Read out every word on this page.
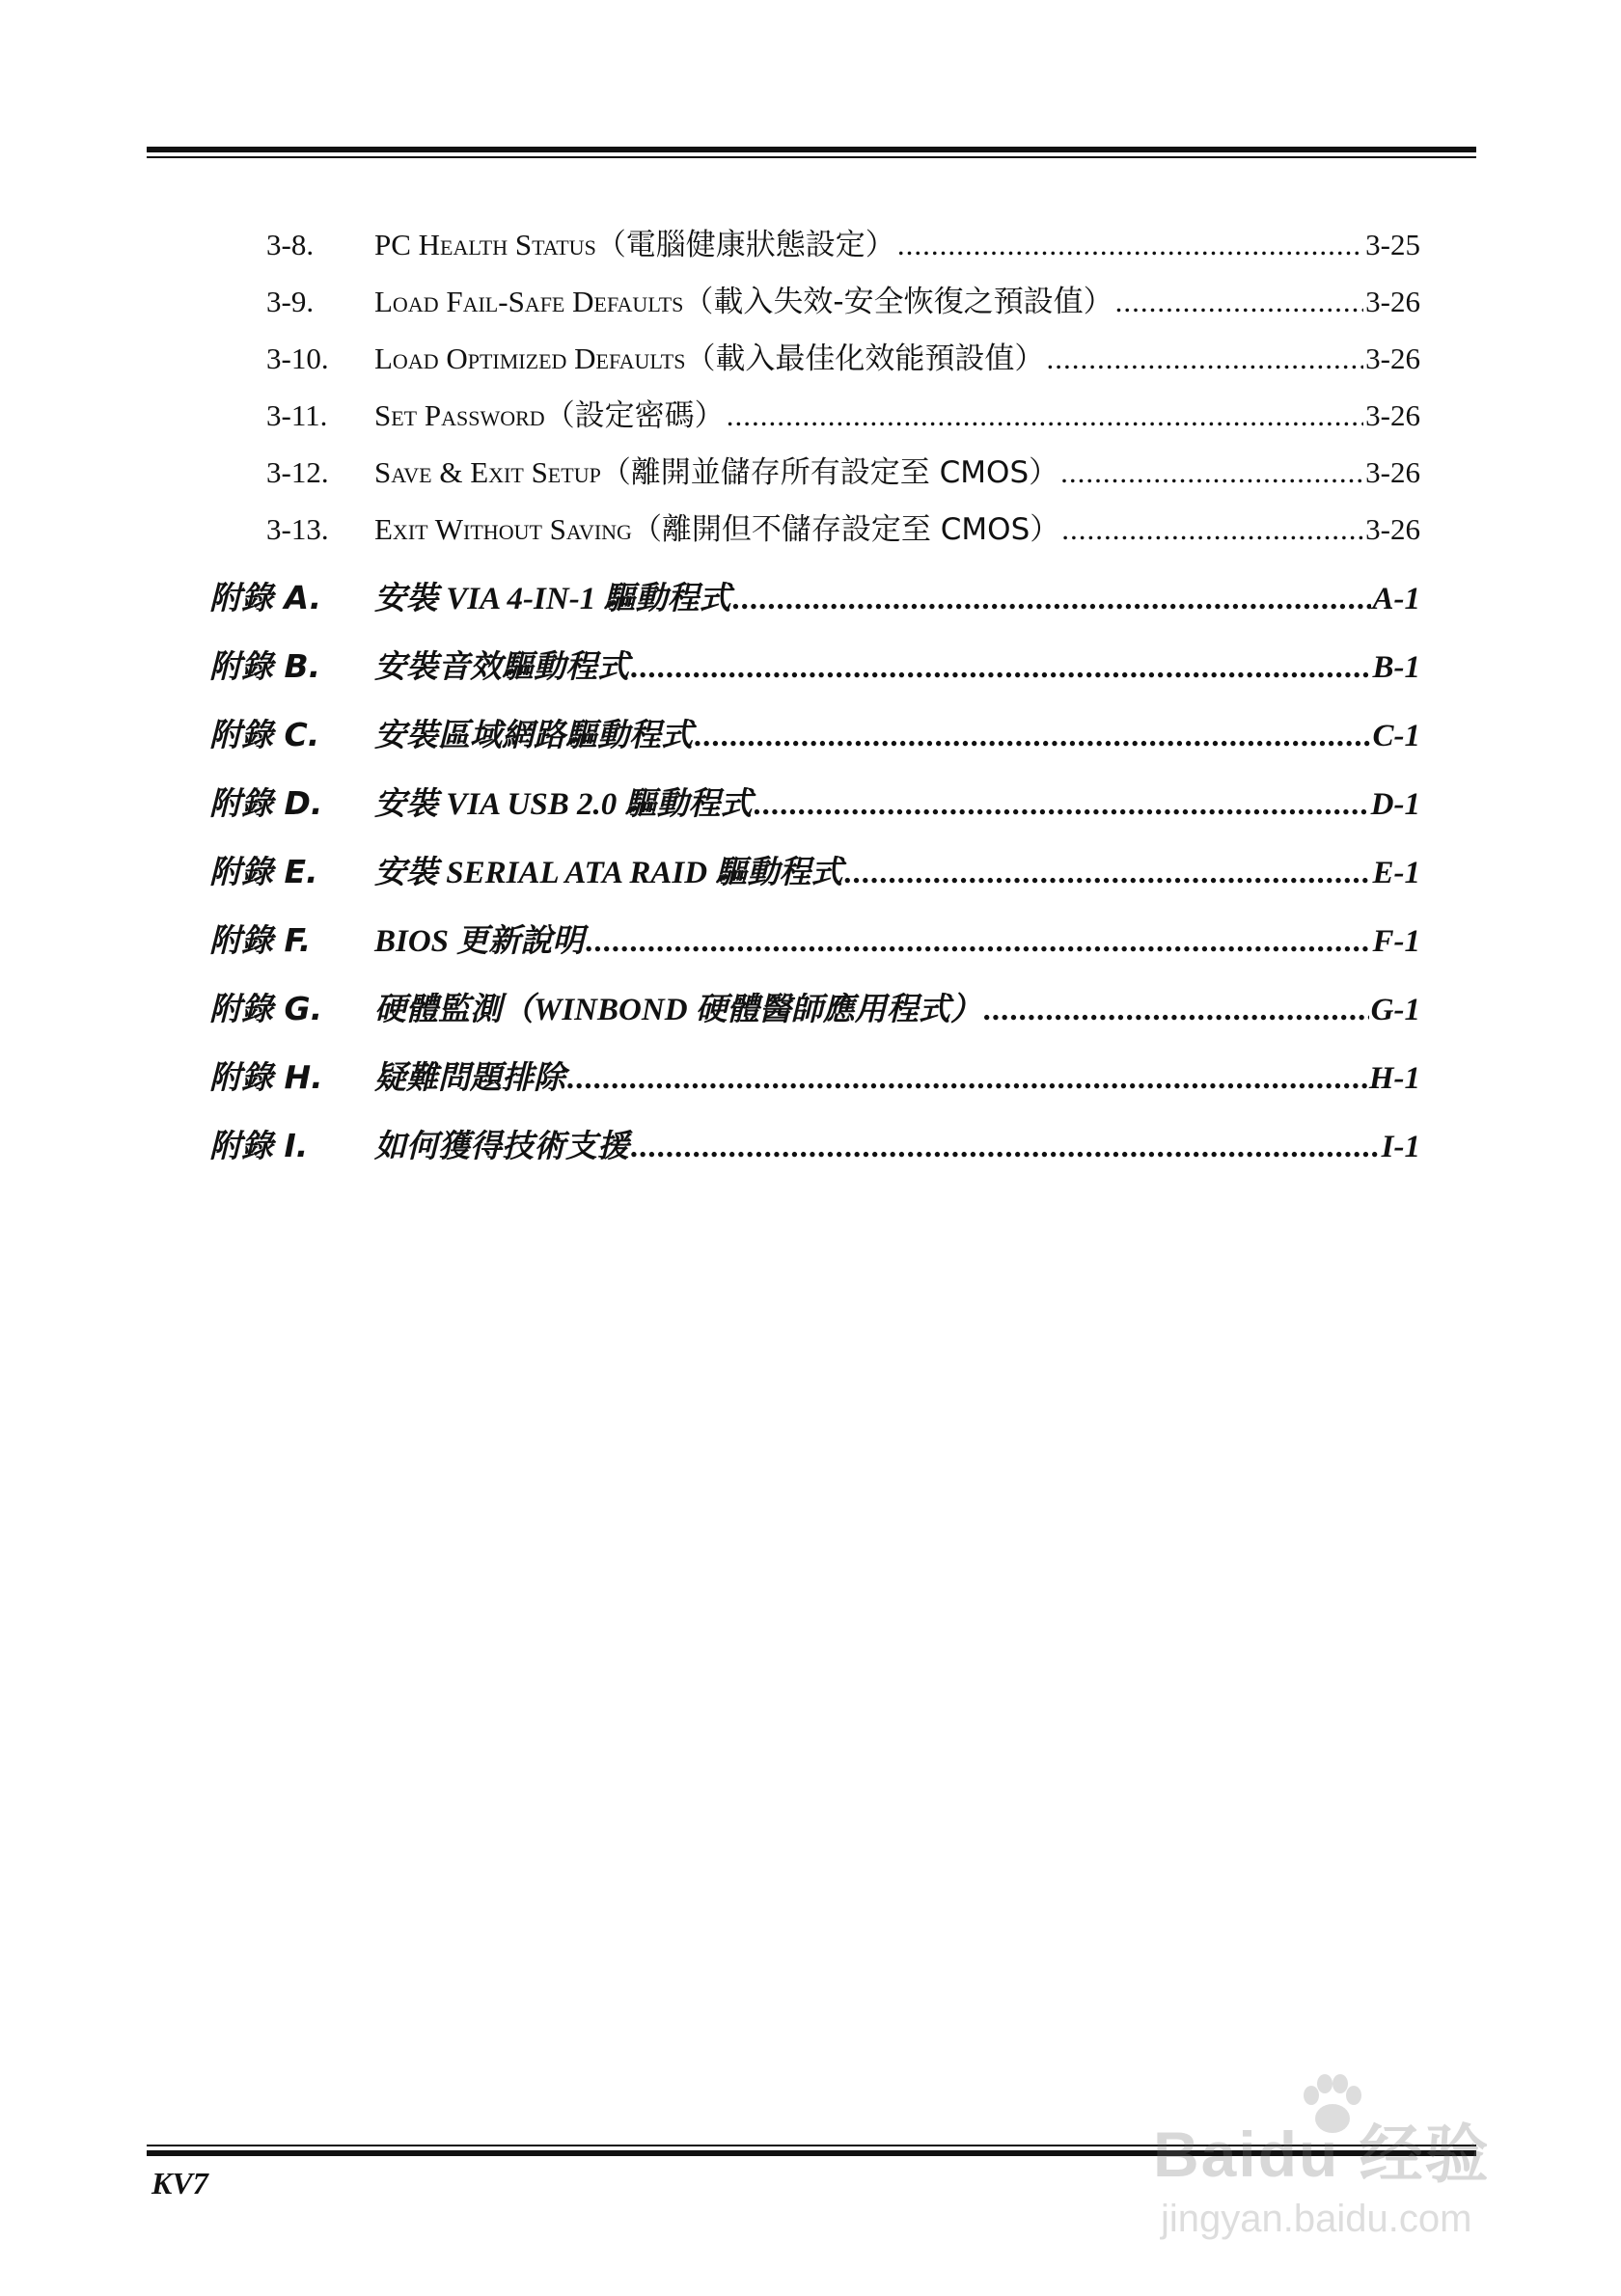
3-8.	PC Health Status（電腦健康狀態設定） .....	3-25
3-9.	Load Fail-Safe Defaults（載入失效-安全恢復之預設值） .....	3-26
3-10.	Load Optimized Defaults（載入最佳化效能預設值） .....	3-26
3-11.	Set Password（設定密碼） .....	3-26
3-12.	Save & Exit Setup（離開並儲存所有設定至 CMOS） .....	3-26
3-13.	Exit Without Saving（離開但不儲存設定至 CMOS） .....	3-26
附錄 A.	安裝 VIA 4-IN-1 驅動程式 .....	A-1
附錄 B.	安裝音效驅動程式 .....	B-1
附錄 C.	安裝區域網路驅動程式 .....	C-1
附錄 D.	安裝 VIA USB 2.0 驅動程式 .....	D-1
附錄 E.	安裝 SERIAL ATA RAID 驅動程式 .....	E-1
附錄 F.	BIOS 更新說明 .....	F-1
附錄 G.	硬體監測（WINBOND 硬體醫師應用程式） .....	G-1
附錄 H.	疑難問題排除 .....	H-1
附錄 I.	如何獲得技術支援 .....	I-1
KV7	Baidu 经验
jingyan.baidu.com
